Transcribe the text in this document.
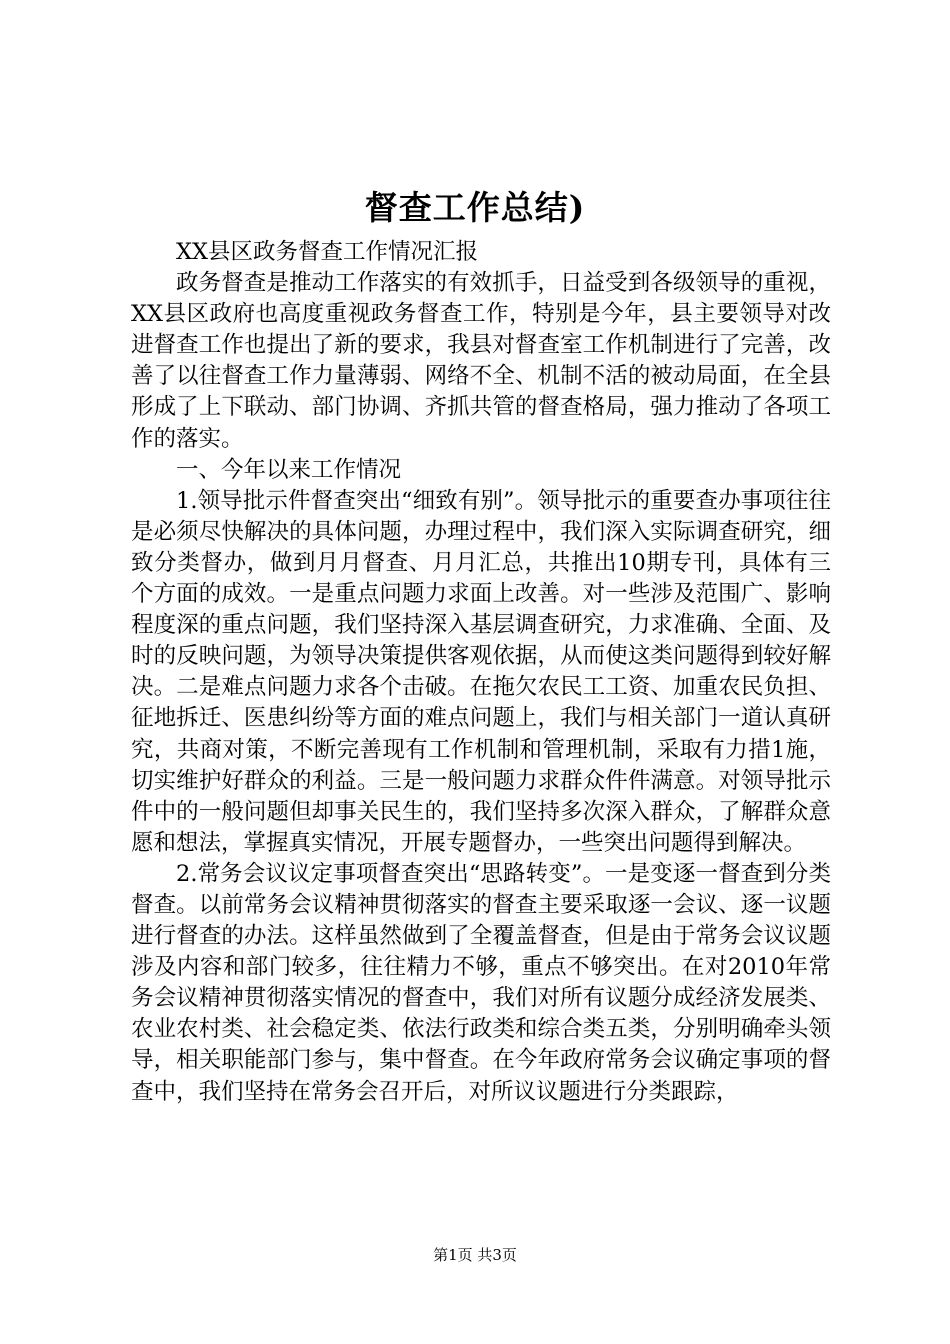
督查工作总结)

XX县区政务督查工作情况汇报

政务督查是推动工作落实的有效抓手，日益受到各级领导的重视，XX县区政府也高度重视政务督查工作，特别是今年，县主要领导对改进督查工作也提出了新的要求，我县对督查室工作机制进行了完善，改善了以往督查工作力量薄弱、网络不全、机制不活的被动局面，在全县形成了上下联动、部门协调、齐抓共管的督查格局，强力推动了各项工作的落实。

一、今年以来工作情况

1.领导批示件督查突出“细致有别”。领导批示的重要查办事项往往是必须尽快解决的具体问题，办理过程中，我们深入实际调查研究，细致分类督办，做到月月督查、月月汇总，共推出10期专刊，具体有三个方面的成效。一是重点问题力求面上改善。对一些涉及范围广、影响程度深的重点问题，我们坚持深入基层调查研究，力求准确、全面、及时的反映问题，为领导决策提供客观依据，从而使这类问题得到较好解决。二是难点问题力求各个击破。在拖欠农民工工资、加重农民负担、征地拆迁、医患纠纷等方面的难点问题上，我们与相关部门一道认真研究，共商对策，不断完善现有工作机制和管理机制，采取有力措1施，切实维护好群众的利益。三是一般问题力求群众件件满意。对领导批示件中的一般问题但却事关民生的，我们坚持多次深入群众，了解群众意愿和想法，掌握真实情况，开展专题督办，一些突出问题得到解决。

2.常务会议议定事项督查突出“思路转变”。一是变逐一督查到分类督查。以前常务会议精神贯彻落实的督查主要采取逐一会议、逐一议题进行督查的办法。这样虽然做到了全覆盖督查，但是由于常务会议议题涉及内容和部门较多，往往精力不够，重点不够突出。在对2010年常务会议精神贯彻落实情况的督查中，我们对所有议题分成经济发展类、农业农村类、社会稳定类、依法行政类和综合类五类，分别明确牵头领导，相关职能部门参与，集中督查。在今年政府常务会议确定事项的督查中，我们坚持在常务会召开后，对所议议题进行分类跟踪，

第1页 共3页
